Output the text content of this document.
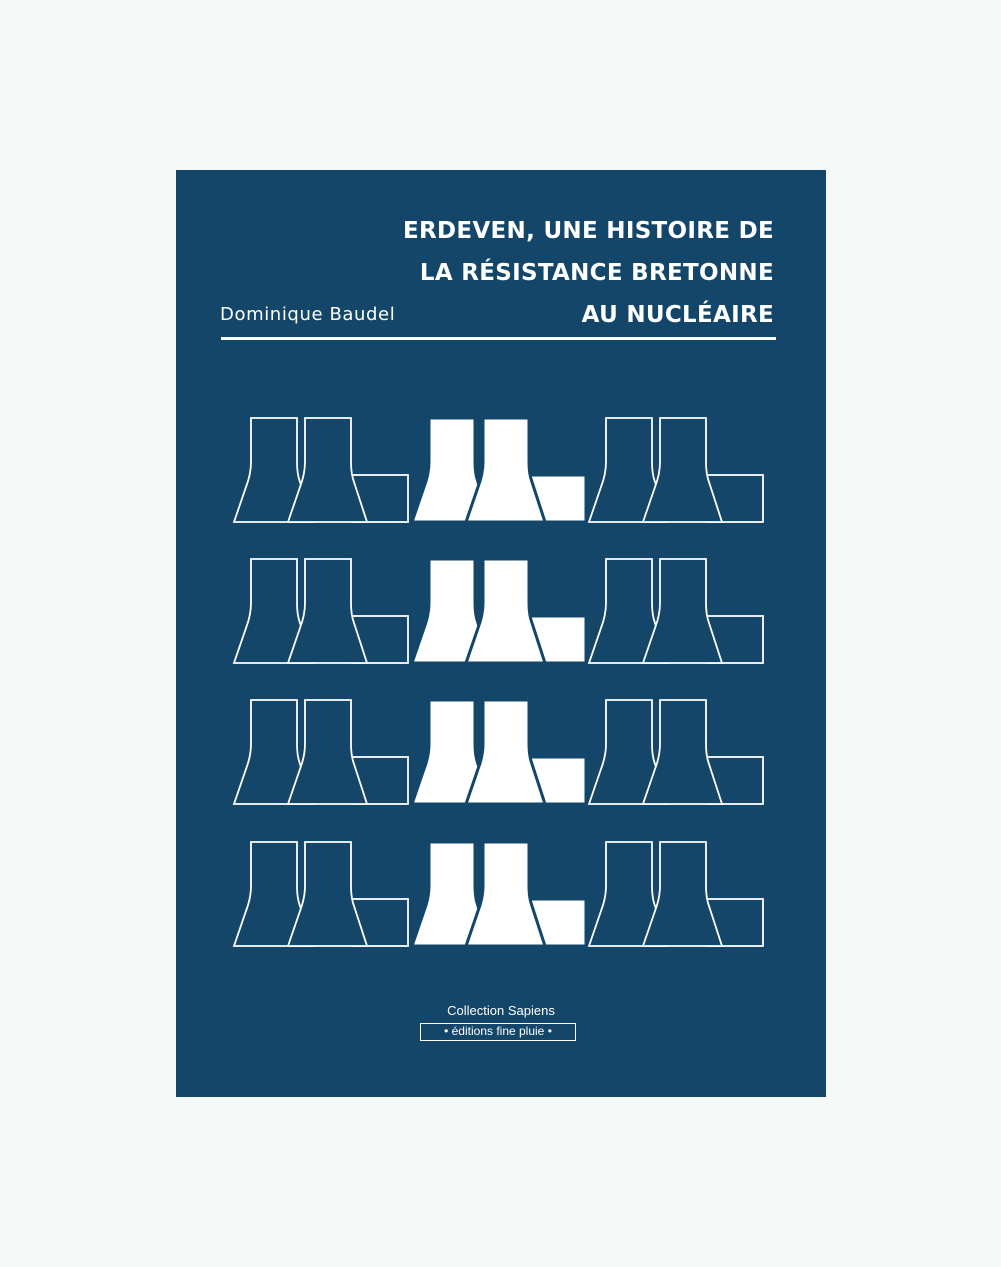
ERDEVEN, UNE HISTOIRE DE
LA RÉSISTANCE BRETONNE
AU NUCLÉAIRE
Dominique Baudel
Collection Sapiens
• éditions fine pluie •
